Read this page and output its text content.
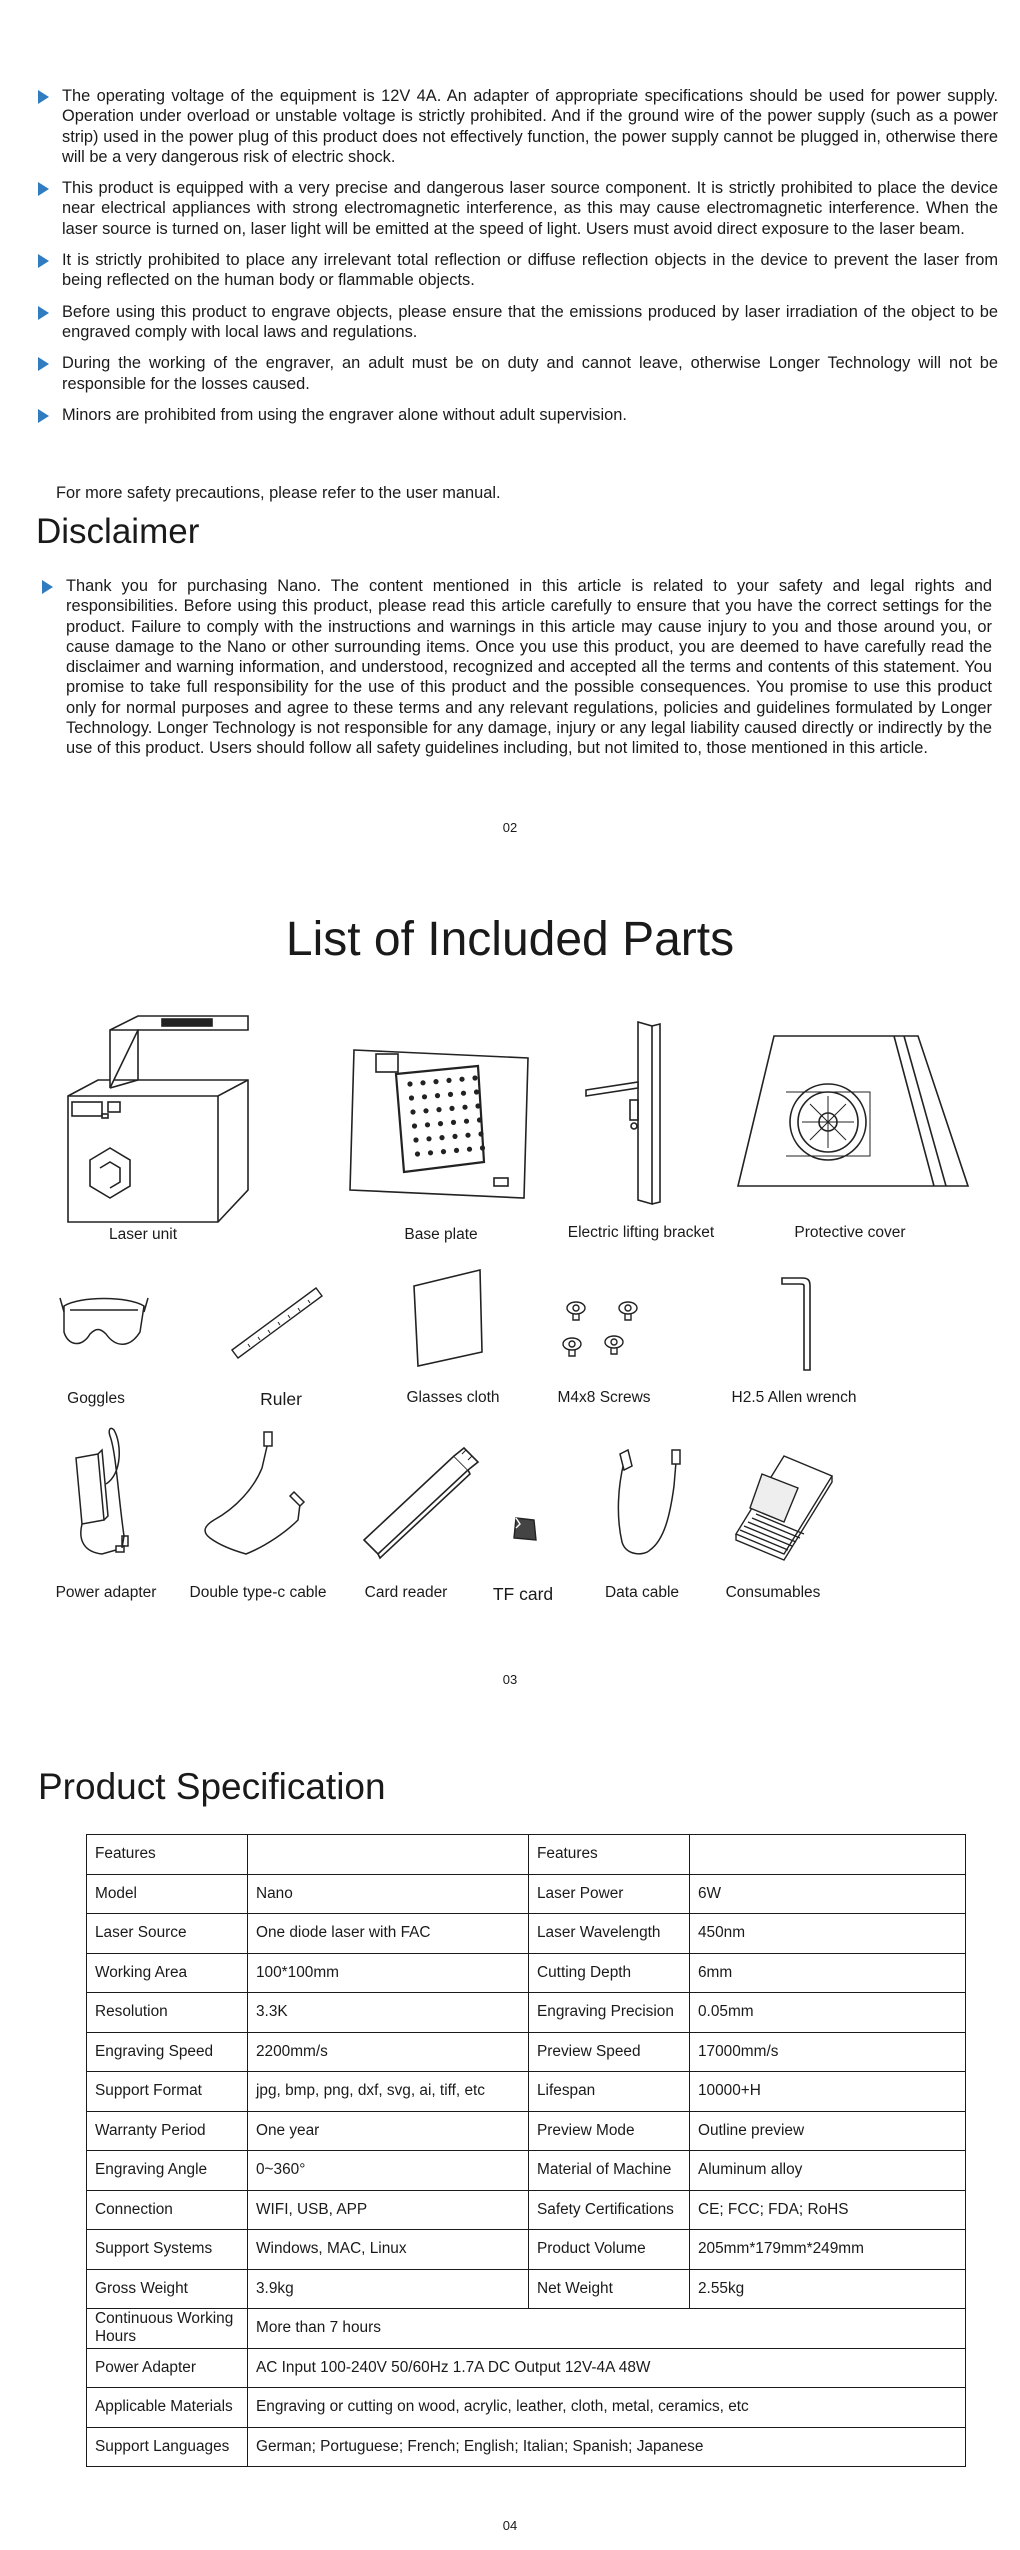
The operating voltage of the equipment is 12V 4A. An adapter of appropriate specifications should be used for power supply. Operation under overload or unstable voltage is strictly prohibited. And if the ground wire of the power supply (such as a power strip) used in the power plug of this product does not effectively function, the power supply cannot be plugged in, otherwise there will be a very dangerous risk of electric shock.
This product is equipped with a very precise and dangerous laser source component. It is strictly prohibited to place the device near electrical appliances with strong electromagnetic interference, as this may cause electromagnetic interference. When the laser source is turned on, laser light will be emitted at the speed of light. Users must avoid direct exposure to the laser beam.
It is strictly prohibited to place any irrelevant total reflection or diffuse reflection objects in the device to prevent the laser from being reflected on the human body or flammable objects.
Before using this product to engrave objects, please ensure that the emissions produced by laser irradiation of the object to be engraved comply with local laws and regulations.
During the working of the engraver, an adult must be on duty and cannot leave, otherwise Longer Technology will not be responsible for the losses caused.
Minors are prohibited from using the engraver alone without adult supervision.
For more safety precautions, please refer to the user manual.
Disclaimer
Thank you for purchasing Nano. The content mentioned in this article is related to your safety and legal rights and responsibilities. Before using this product, please read this article carefully to ensure that you have the correct settings for the product. Failure to comply with the instructions and warnings in this article may cause injury to you and those around you, or cause damage to the Nano or other surrounding items. Once you use this product, you are deemed to have carefully read the disclaimer and warning information, and understood, recognized and accepted all the terms and contents of this statement. You promise to take full responsibility for the use of this product and the possible consequences. You promise to use this product only for normal purposes and agree to these terms and any relevant regulations, policies and guidelines formulated by Longer Technology. Longer Technology is not responsible for any damage, injury or any legal liability caused directly or indirectly by the use of this product. Users should follow all safety guidelines including, but not limited to, those mentioned in this article.
02
List of Included Parts
Laser unit	Base plate	Electric lifting bracket	Protective cover
Goggles	Ruler	Glasses cloth	M4x8 Screws	H2.5 Allen wrench
Power adapter Double type-c cable Card reader	TF card	Data cable	Consumables
03
Product Specification
Features		Features	
Model	Nano	Laser Power	6W
Laser Source	One diode laser with FAC	Laser Wavelength	450nm
Working Area	100*100mm	Cutting Depth	6mm
Resolution	3.3K	Engraving Precision	0.05mm
Engraving Speed	2200mm/s	Preview Speed	17000mm/s
Support Format	jpg, bmp, png, dxf, svg, ai, tiff, etc	Lifespan	10000+H
Warranty Period	One year	Preview Mode	Outline preview
Engraving Angle	0~360°	Material of Machine	Aluminum alloy
Connection	WIFI, USB, APP	Safety Certifications	CE; FCC; FDA; RoHS
Support Systems	Windows, MAC, Linux	Product Volume	205mm*179mm*249mm
Gross Weight	3.9kg	Net Weight	2.55kg
Continuous Working Hours	More than 7 hours		
Power Adapter	AC Input 100-240V 50/60Hz 1.7A DC Output 12V-4A 48W		
Applicable Materials	Engraving or cutting on wood, acrylic, leather, cloth, metal, ceramics, etc		
Support Languages	German; Portuguese; French; English; Italian; Spanish; Japanese		
04
